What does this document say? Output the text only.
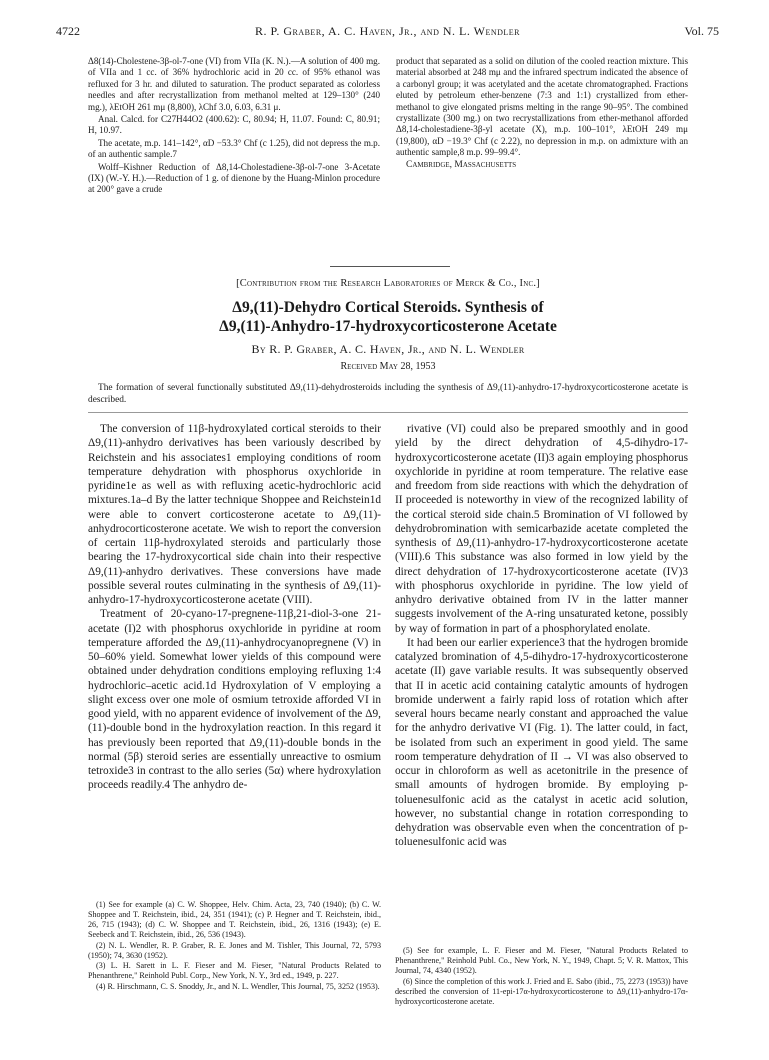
4722	R. P. Graber, A. C. Haven, Jr., and N. L. Wendler	Vol. 75

Δ8(14)-Cholestene-3β-ol-7-one (VI) from VIIa (K. N.).—A solution of 400 mg. of VIIa and 1 cc. of 36% hydrochloric acid in 20 cc. of 95% ethanol was refluxed for 3 hr. and diluted to saturation. The product separated as colorless needles and after recrystallization from methanol melted at 129–130° (240 mg.), λEtOH 261 mμ (8,800), λChf 3.0, 6.03, 6.31 μ.

Anal. Calcd. for C27H44O2 (400.62): C, 80.94; H, 11.07. Found: C, 80.91; H, 10.97.

The acetate, m.p. 141–142°, αD −53.3° Chf (c 1.25), did not depress the m.p. of an authentic sample.7

Wolff–Kishner Reduction of Δ8,14-Cholestadiene-3β-ol-7-one 3-Acetate (IX) (W.-Y. H.).—Reduction of 1 g. of dienone by the Huang-Minlon procedure at 200° gave a crude

product that separated as a solid on dilution of the cooled reaction mixture. This material absorbed at 248 mμ and the infrared spectrum indicated the absence of a carbonyl group; it was acetylated and the acetate chromatographed. Fractions eluted by petroleum ether-benzene (7:3 and 1:1) crystallized from ether-methanol to give elongated prisms melting in the range 90–95°. The combined crystallizate (300 mg.) on two recrystallizations from ether-methanol afforded Δ8,14-cholestadiene-3β-yl acetate (X), m.p. 100–101°, λEtOH 249 mμ (19,800), αD −19.3° Chf (c 2.22), no depression in m.p. on admixture with an authentic sample,8 m.p. 99–99.4°.

Cambridge, Massachusetts

[Contribution from the Research Laboratories of Merck & Co., Inc.]
Δ9,(11)-Dehydro Cortical Steroids. Synthesis of
Δ9,(11)-Anhydro-17-hydroxycorticosterone Acetate
By R. P. Graber, A. C. Haven, Jr., and N. L. Wendler
Received May 28, 1953
The formation of several functionally substituted Δ9,(11)-dehydrosteroids including the synthesis of Δ9,(11)-anhydro-17-hydroxycorticosterone acetate is described.

The conversion of 11β-hydroxylated cortical steroids to their Δ9,(11)-anhydro derivatives has been variously described by Reichstein and his associates1 employing conditions of room temperature dehydration with phosphorus oxychloride in pyridine1e as well as with refluxing acetic-hydrochloric acid mixtures.1a–d By the latter technique Shoppee and Reichstein1d were able to convert corticosterone acetate to Δ9,(11)-anhydrocorticosterone acetate. We wish to report the conversion of certain 11β-hydroxylated steroids and particularly those bearing the 17-hydroxycortical side chain into their respective Δ9,(11)-anhydro derivatives. These conversions have made possible several routes culminating in the synthesis of Δ9,(11)-anhydro-17-hydroxycorticosterone acetate (VIII).

Treatment of 20-cyano-17-pregnene-11β,21-diol-3-one 21-acetate (I)2 with phosphorus oxychloride in pyridine at room temperature afforded the Δ9,(11)-anhydrocyanopregnene (V) in 50–60% yield. Somewhat lower yields of this compound were obtained under dehydration conditions employing refluxing 1:4 hydrochloric–acetic acid.1d Hydroxylation of V employing a slight excess over one mole of osmium tetroxide afforded VI in good yield, with no apparent evidence of involvement of the Δ9,(11)-double bond in the hydroxylation reaction. In this regard it has previously been reported that Δ9,(11)-double bonds in the normal (5β) steroid series are essentially unreactive to osmium tetroxide3 in contrast to the allo series (5α) where hydroxylation proceeds readily.4 The anhydro de-

rivative (VI) could also be prepared smoothly and in good yield by the direct dehydration of 4,5-dihydro-17-hydroxycorticosterone acetate (II)3 again employing phosphorus oxychloride in pyridine at room temperature. The relative ease and freedom from side reactions with which the dehydration of II proceeded is noteworthy in view of the recognized lability of the cortical steroid side chain.5 Bromination of VI followed by dehydrobromination with semicarbazide acetate completed the synthesis of Δ9,(11)-anhydro-17-hydroxycorticosterone acetate (VIII).6 This substance was also formed in low yield by the direct dehydration of 17-hydroxycorticosterone acetate (IV)3 with phosphorus oxychloride in pyridine. The low yield of anhydro derivative obtained from IV in the latter manner suggests involvement of the A-ring unsaturated ketone, possibly by way of formation in part of a phosphorylated enolate.

It had been our earlier experience3 that the hydrogen bromide catalyzed bromination of 4,5-dihydro-17-hydroxycorticosterone acetate (II) gave variable results. It was subsequently observed that II in acetic acid containing catalytic amounts of hydrogen bromide underwent a fairly rapid loss of rotation which after several hours became nearly constant and approached the value for the anhydro derivative VI (Fig. 1). The latter could, in fact, be isolated from such an experiment in good yield. The same room temperature dehydration of II → VI was also observed to occur in chloroform as well as acetonitrile in the presence of small amounts of hydrogen bromide. By employing p-toluenesulfonic acid as the catalyst in acetic acid solution, however, no substantial change in rotation corresponding to dehydration was observable even when the concentration of p-toluenesulfonic acid was

(1) See for example (a) C. W. Shoppee, Helv. Chim. Acta, 23, 740 (1940); (b) C. W. Shoppee and T. Reichstein, ibid., 24, 351 (1941); (c) P. Hegner and T. Reichstein, ibid., 26, 715 (1943); (d) C. W. Shoppee and T. Reichstein, ibid., 26, 1316 (1943); (e) E. Seebeck and T. Reichstein, ibid., 26, 536 (1943).

(2) N. L. Wendler, R. P. Graber, R. E. Jones and M. Tishler, This Journal, 72, 5793 (1950); 74, 3630 (1952).

(3) L. H. Sarett in L. F. Fieser and M. Fieser, "Natural Products Related to Phenanthrene," Reinhold Publ. Corp., New York, N. Y., 3rd ed., 1949, p. 227.

(4) R. Hirschmann, C. S. Snoddy, Jr., and N. L. Wendler, This Journal, 75, 3252 (1953).

(5) See for example, L. F. Fieser and M. Fieser, "Natural Products Related to Phenanthrene," Reinhold Publ. Co., New York, N. Y., 1949, Chapt. 5; V. R. Mattox, This Journal, 74, 4340 (1952).

(6) Since the completion of this work J. Fried and E. Sabo (ibid., 75, 2273 (1953)) have described the conversion of 11-epi-17α-hydroxycorticosterone to Δ9,(11)-anhydro-17α-hydroxycorticosterone acetate.
